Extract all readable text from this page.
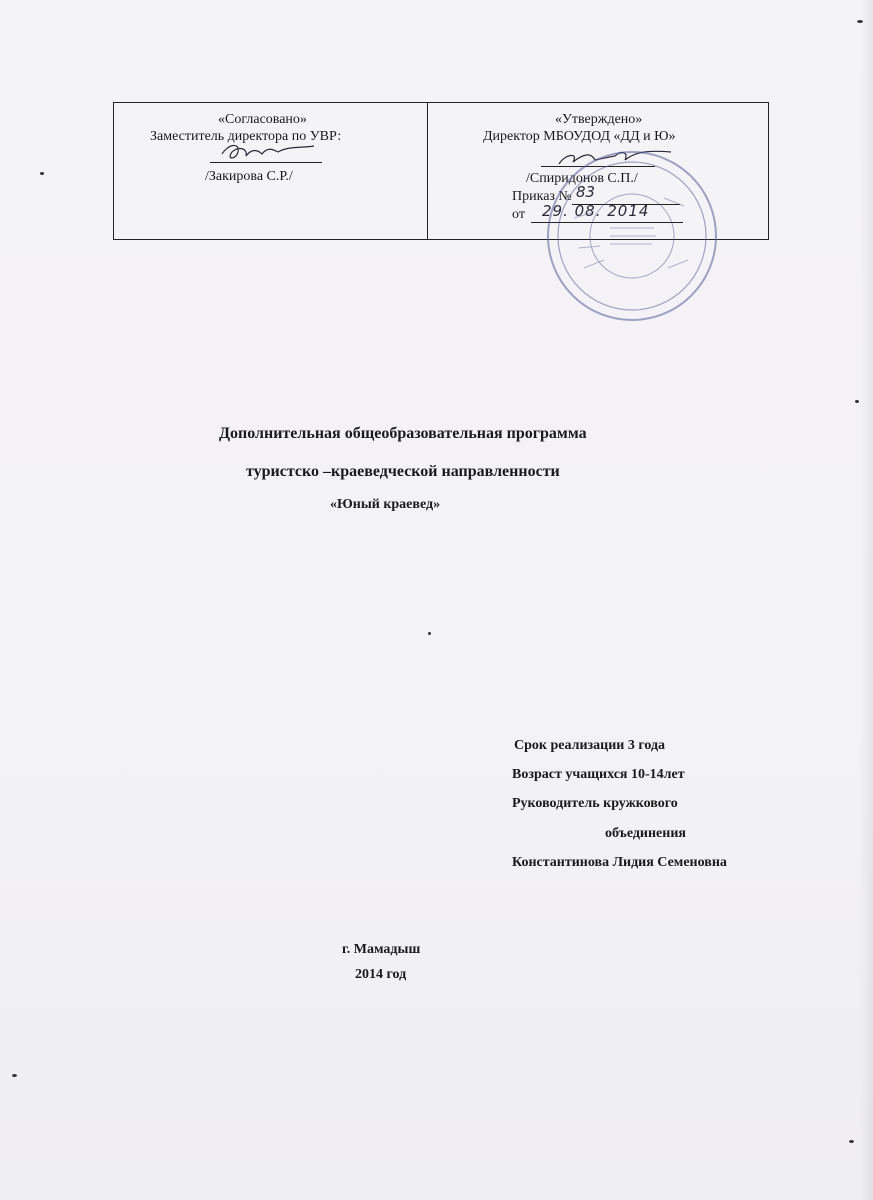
«Согласовано»
Заместитель директора по УВР:
/Закирова С.Р./
«Утверждено»
Директор МБОУДОД «ДД и Ю»
/Спиридонов С.П./
Приказ № 83
от 29. 08. 2014
Дополнительная общеобразовательная программа
туристско –краеведческой направленности
«Юный краевед»
Срок реализации 3 года
Возраст учащихся 10-14лет
Руководитель кружкового
объединения
Константинова Лидия Семеновна
г. Мамадыш
2014 год
